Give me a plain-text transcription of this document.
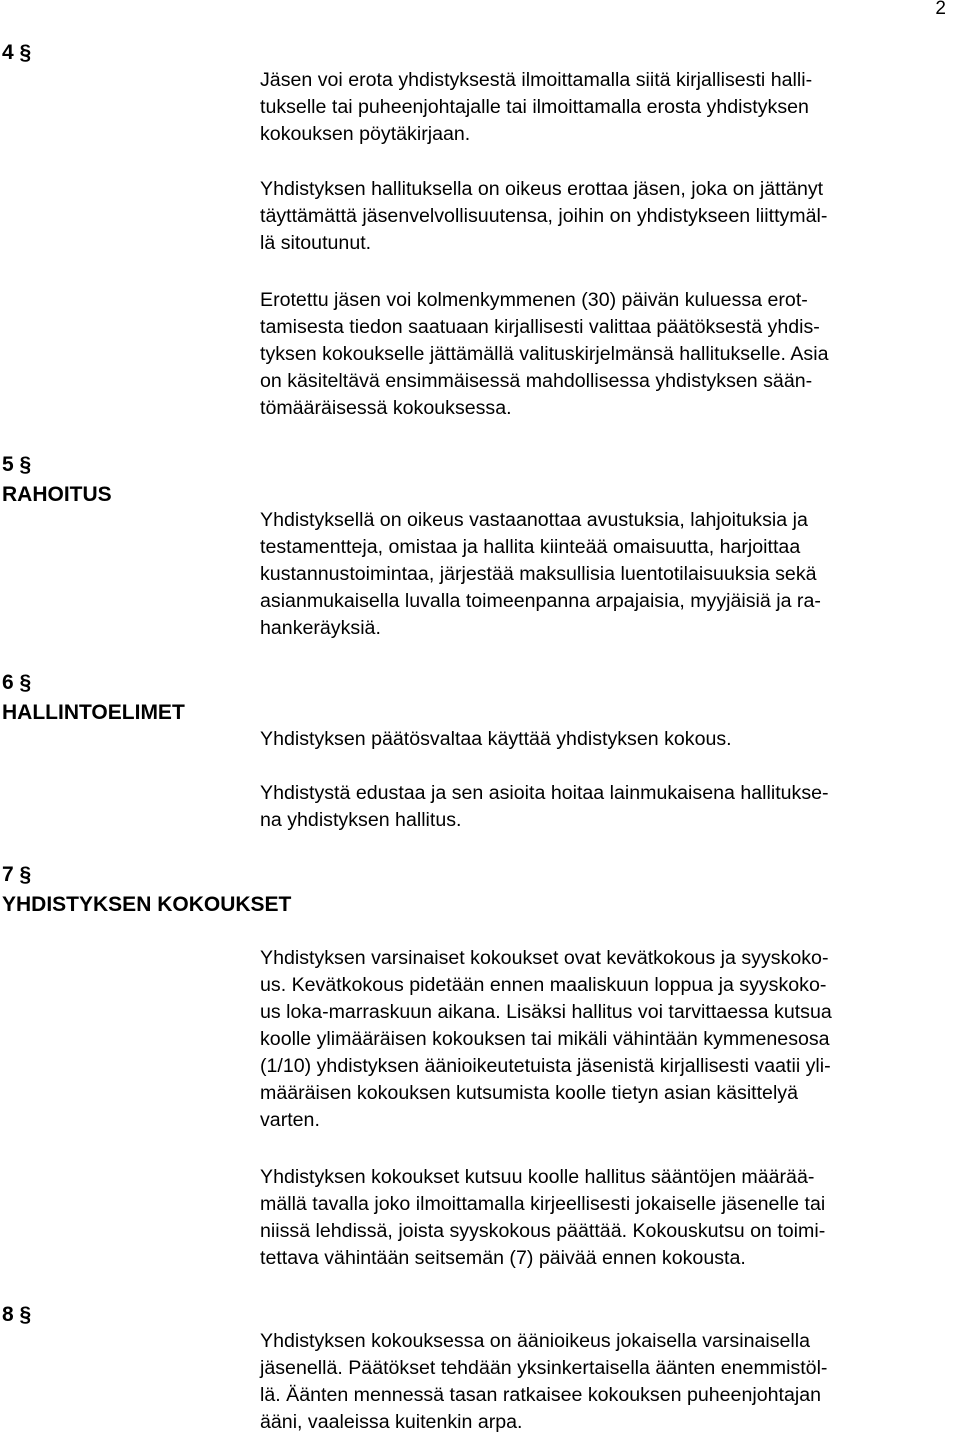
2
4 §

Jäsen voi erota yhdistyksestä ilmoittamalla siitä kirjallisesti halli-
tukselle tai puheenjohtajalle tai ilmoittamalla erosta yhdistyksen
kokouksen pöytäkirjaan.

Yhdistyksen hallituksella on oikeus erottaa jäsen, joka on jättänyt
täyttämättä jäsenvelvollisuutensa, joihin on yhdistykseen liittymäl-
lä sitoutunut.

Erotettu jäsen voi kolmenkymmenen (30) päivän kuluessa erot-
tamisesta tiedon saatuaan kirjallisesti valittaa päätöksestä yhdis-
tyksen kokoukselle jättämällä valituskirjelmänsä hallitukselle. Asia
on käsiteltävä ensimmäisessä mahdollisessa yhdistyksen sään-
tömääräisessä kokouksessa.

5 §
RAHOITUS

Yhdistyksellä on oikeus vastaanottaa avustuksia, lahjoituksia ja
testamentteja, omistaa ja hallita kiinteää omaisuutta, harjoittaa
kustannustoimintaa, järjestää maksullisia luentotilaisuuksia sekä
asianmukaisella luvalla toimeenpanna arpajaisia, myyjäisiä ja ra-
hankeräyksiä.

6 §
HALLINTOELIMET

Yhdistyksen päätösvaltaa käyttää yhdistyksen kokous.

Yhdistystä edustaa ja sen asioita hoitaa lainmukaisena hallitukse-
na yhdistyksen hallitus.

7 §
YHDISTYKSEN KOKOUKSET

Yhdistyksen varsinaiset kokoukset ovat kevätkokous ja syyskoko-
us. Kevätkokous pidetään ennen maaliskuun loppua ja syyskoko-
us loka-marraskuun aikana. Lisäksi hallitus voi tarvittaessa kutsua
koolle ylimääräisen kokouksen tai mikäli vähintään kymmenesosa
(1/10) yhdistyksen äänioikeutetuista jäsenistä kirjallisesti vaatii yli-
määräisen kokouksen kutsumista koolle tietyn asian käsittelyä
varten.

Yhdistyksen kokoukset kutsuu koolle hallitus sääntöjen määrää-
mällä tavalla joko ilmoittamalla kirjeellisesti jokaiselle jäsenelle tai
niissä lehdissä, joista syyskokous päättää. Kokouskutsu on toimi-
tettava vähintään seitsemän (7) päivää ennen kokousta.

8 §

Yhdistyksen kokouksessa on äänioikeus jokaisella varsinaisella
jäsenellä. Päätökset tehdään yksinkertaisella äänten enemmistöl-
lä. Äänten mennessä tasan ratkaisee kokouksen puheenjohtajan
ääni, vaaleissa kuitenkin arpa.
